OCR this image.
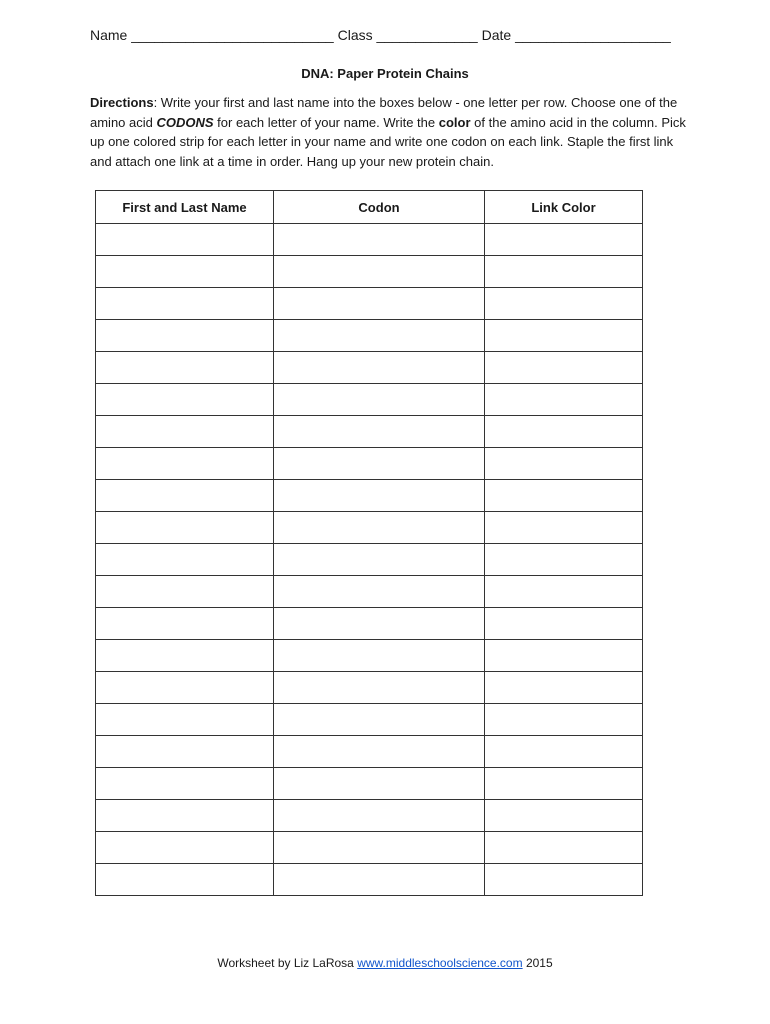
Name __________________________ Class _____________ Date ____________________
DNA: Paper Protein Chains
Directions: Write your first and last name into the boxes below - one letter per row. Choose one of the amino acid CODONS for each letter of your name. Write the color of the amino acid in the column. Pick up one colored strip for each letter in your name and write one codon on each link. Staple the first link and attach one link at a time in order. Hang up your new protein chain.
First and Last Name	Codon	Link Color

Worksheet by Liz LaRosa www.middleschoolscience.com 2015
